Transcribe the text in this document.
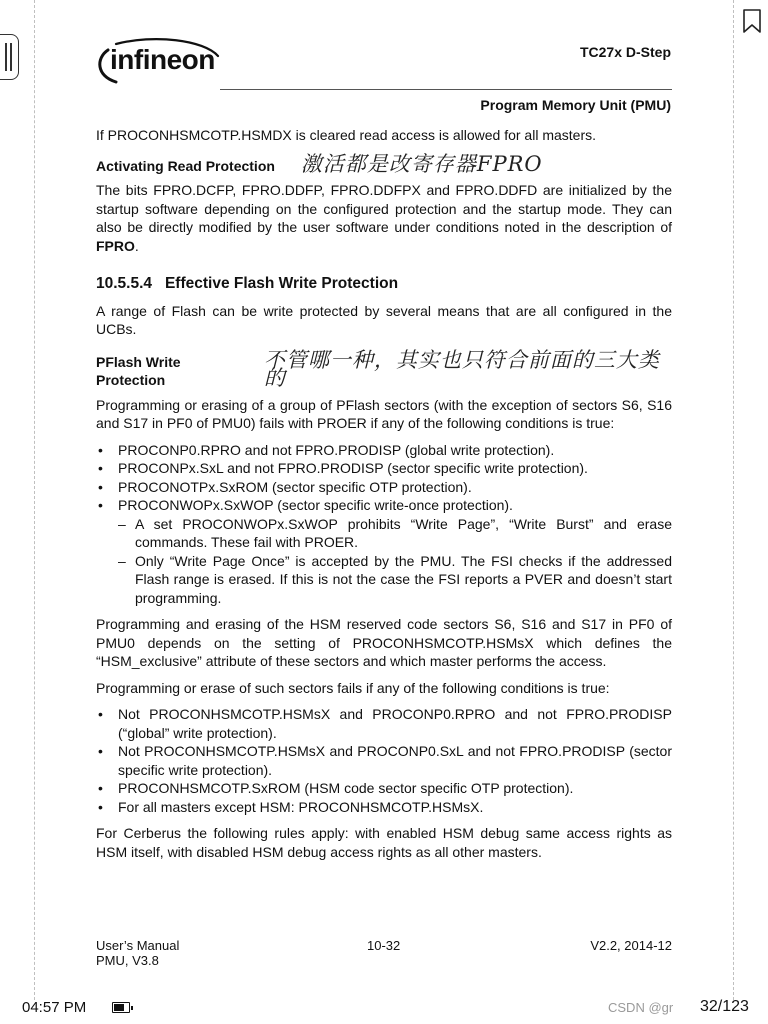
infineon	TC27x D-Step
Program Memory Unit (PMU)

If PROCONHSMCOTP.HSMDX is cleared read access is allowed for all masters.

Activating Read Protection 激活都是改寄存器FPRO

The bits FPRO.DCFP, FPRO.DDFP, FPRO.DDFPX and FPRO.DDFD are initialized by the startup software depending on the configured protection and the startup mode. They can also be directly modified by the user software under conditions noted in the description of FPRO.

10.5.5.4 Effective Flash Write Protection

A range of Flash can be write protected by several means that are all configured in the UCBs.

PFlash Write Protection
不管哪一种，其实也只符合前面的三大类的

Programming or erasing of a group of PFlash sectors (with the exception of sectors S6, S16 and S17 in PF0 of PMU0) fails with PROER if any of the following conditions is true:

• PROCONP0.RPRO and not FPRO.PRODISP (global write protection).
• PROCONPx.SxL and not FPRO.PRODISP (sector specific write protection).
• PROCONOTPx.SxROM (sector specific OTP protection).
• PROCONWOPx.SxWOP (sector specific write-once protection).
– A set PROCONWOPx.SxWOP prohibits “Write Page”, “Write Burst” and erase commands. These fail with PROER.
– Only “Write Page Once” is accepted by the PMU. The FSI checks if the addressed Flash range is erased. If this is not the case the FSI reports a PVER and doesn’t start programming.

Programming and erasing of the HSM reserved code sectors S6, S16 and S17 in PF0 of PMU0 depends on the setting of PROCONHSMCOTP.HSMsX which defines the “HSM_exclusive” attribute of these sectors and which master performs the access.

Programming or erase of such sectors fails if any of the following conditions is true:

• Not PROCONHSMCOTP.HSMsX and PROCONP0.RPRO and not FPRO.PRODISP (“global” write protection).
• Not PROCONHSMCOTP.HSMsX and PROCONP0.SxL and not FPRO.PRODISP (sector specific write protection).
• PROCONHSMCOTP.SxROM (HSM code sector specific OTP protection).
• For all masters except HSM: PROCONHSMCOTP.HSMsX.

For Cerberus the following rules apply: with enabled HSM debug same access rights as HSM itself, with disabled HSM debug access rights as all other masters.

User’s Manual
PMU, V3.8
10-32	V2.2, 2014-12
04:57 PM	CSDN @gr 32/123
